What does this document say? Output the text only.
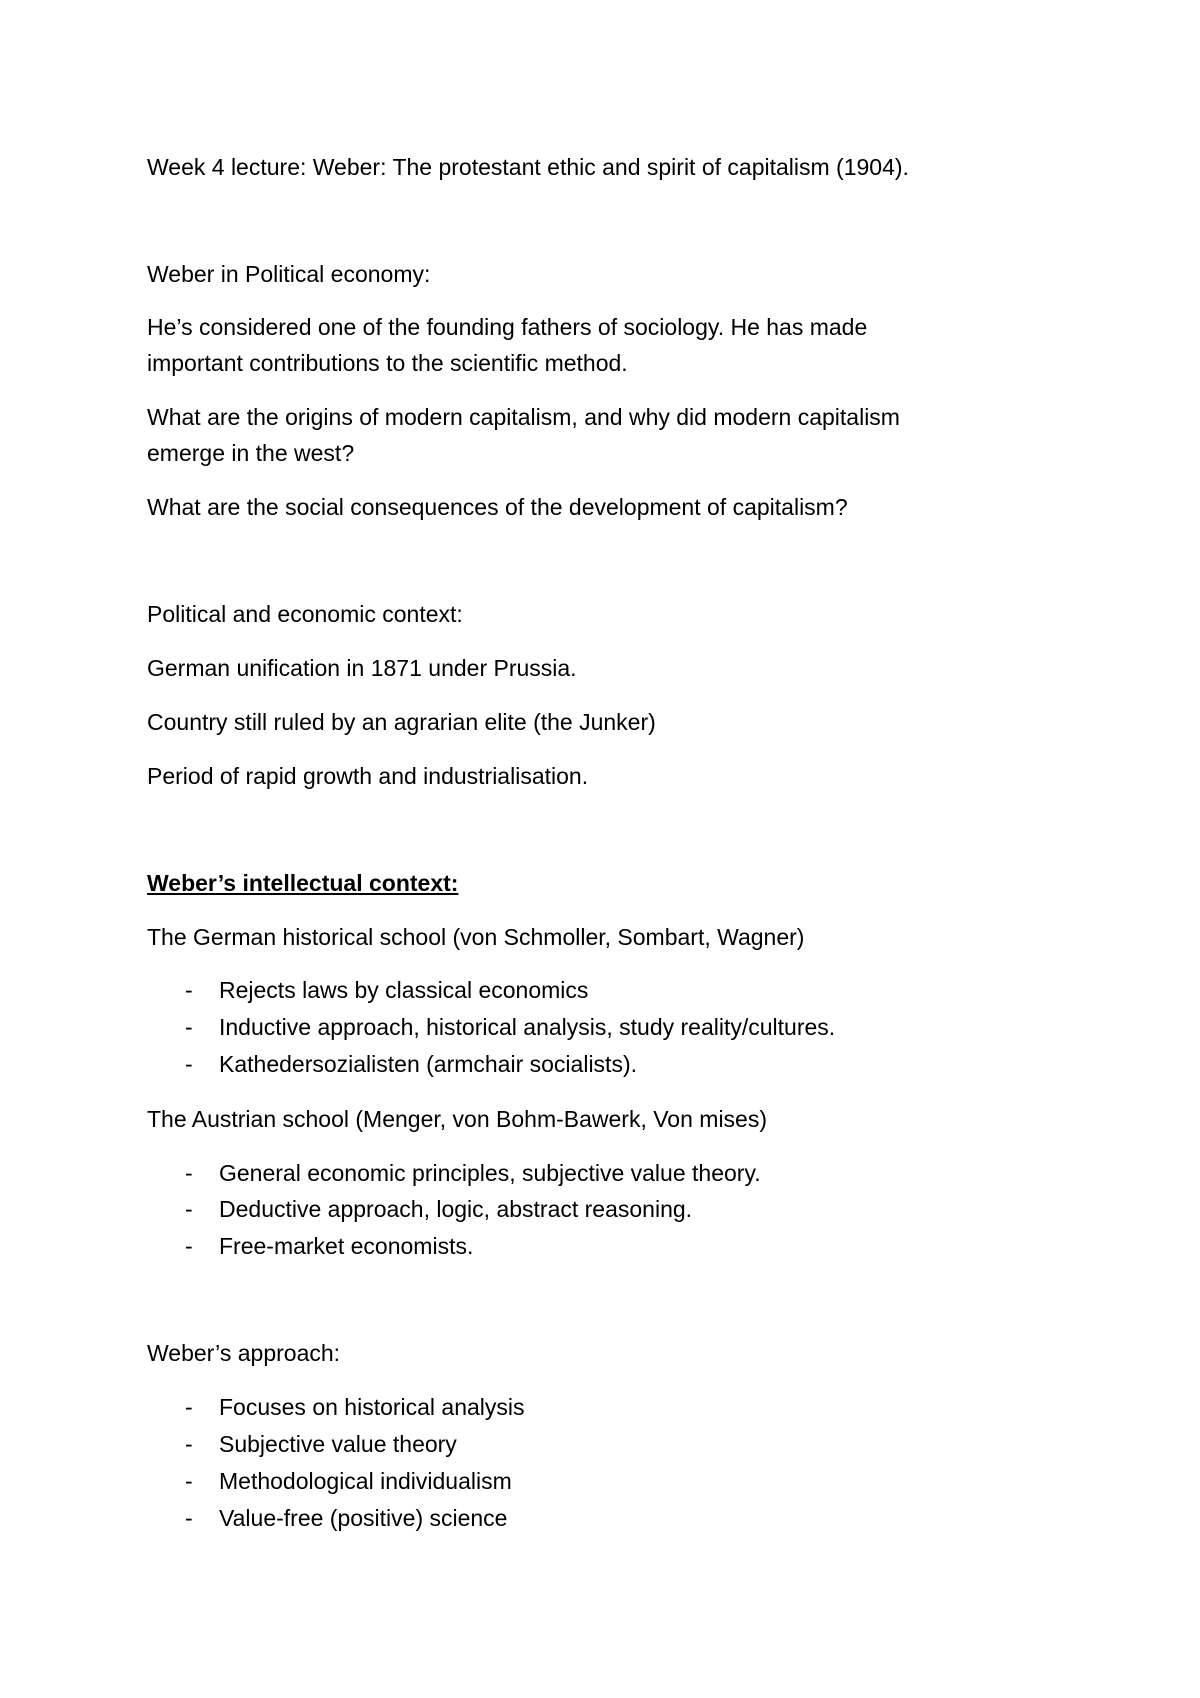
Week 4 lecture: Weber: The protestant ethic and spirit of capitalism (1904).

Weber in Political economy:

He’s considered one of the founding fathers of sociology. He has made

important contributions to the scientific method.

What are the origins of modern capitalism, and why did modern capitalism

emerge in the west?

What are the social consequences of the development of capitalism?

Political and economic context:

German unification in 1871 under Prussia.

Country still ruled by an agrarian elite (the Junker)

Period of rapid growth and industrialisation.

Weber’s intellectual context:

The German historical school (von Schmoller, Sombart, Wagner)

-

Rejects laws by classical economics

-

Inductive approach, historical analysis, study reality/cultures.

-

Kathedersozialisten (armchair socialists).

The Austrian school (Menger, von Bohm-Bawerk, Von mises)

-

General economic principles, subjective value theory.

-

Deductive approach, logic, abstract reasoning.

-

Free-market economists.

Weber’s approach:

-

Focuses on historical analysis

-

Subjective value theory

-

Methodological individualism

-

Value-free (positive) science
